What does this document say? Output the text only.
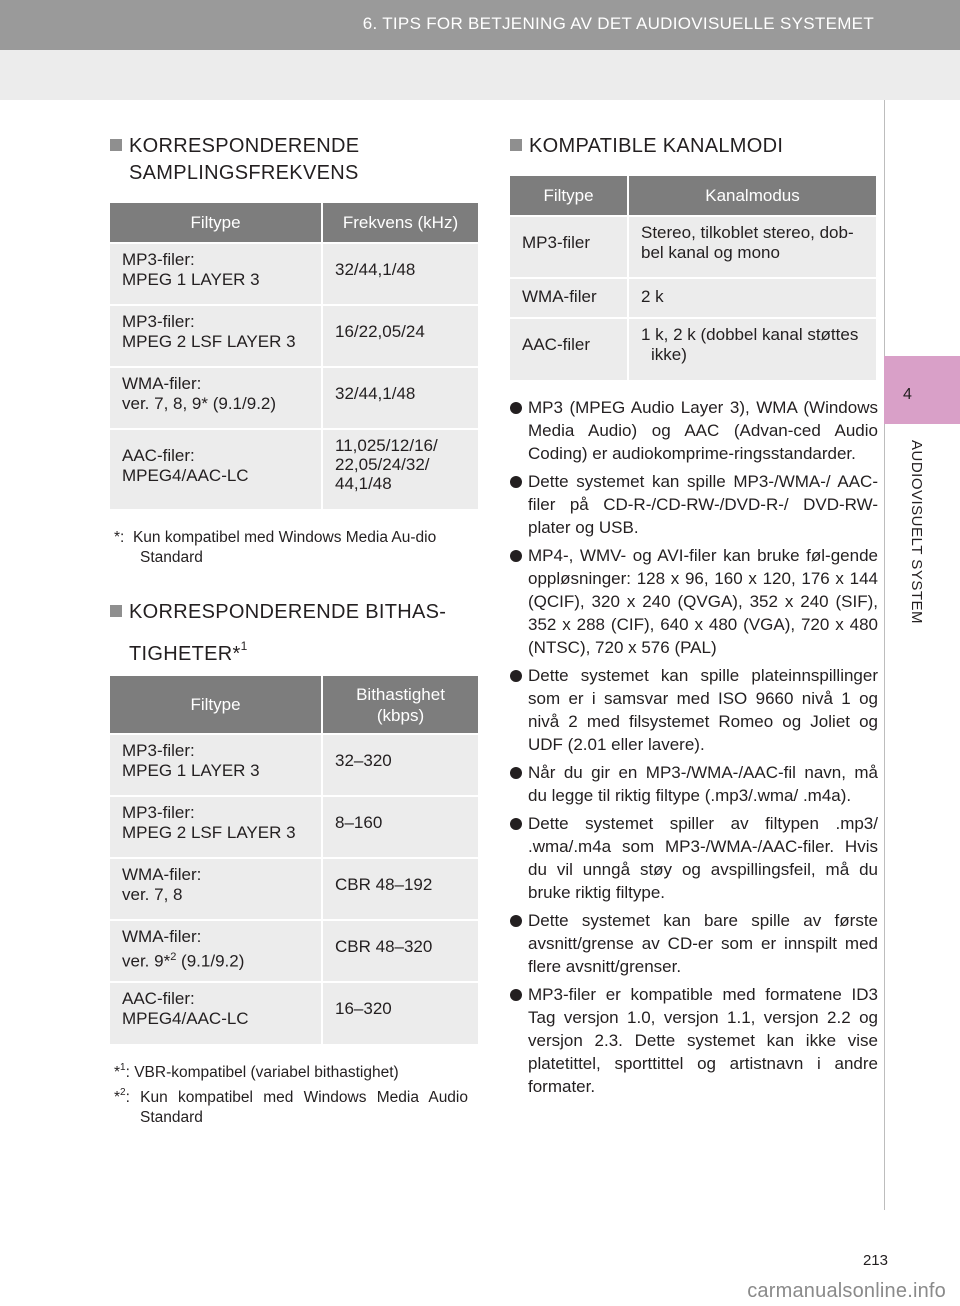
6. TIPS FOR BETJENING AV DET AUDIOVISUELLE SYSTEMET
4
AUDIOVISUELT SYSTEM
KORRESPONDERENDE
SAMPLINGSFREKVENS
Filtype	Frekvens (kHz)
MP3-filer:
MPEG 1 LAYER 3	32/44,1/48
MP3-filer:
MPEG 2 LSF LAYER 3	16/22,05/24
WMA-filer:
ver. 7, 8, 9* (9.1/9.2)	32/44,1/48
AAC-filer:
MPEG4/AAC-LC	11,025/12/16/
22,05/24/32/
44,1/48
*: Kun kompatibel med Windows Media Au-dio Standard
KORRESPONDERENDE BITHAS-
TIGHETER*$^1$
Filtype	Bithastighet
(kbps)
MP3-filer:
MPEG 1 LAYER 3	32–320
MP3-filer:
MPEG 2 LSF LAYER 3	8–160
WMA-filer:
ver. 7, 8	CBR 48–192
WMA-filer:
ver. 9*$^2$ (9.1/9.2)	CBR 48–320
AAC-filer:
MPEG4/AAC-LC	16–320
*$^1$: VBR-kompatibel (variabel bithastighet)
*$^2$: Kun kompatibel med Windows Media Audio Standard
KOMPATIBLE KANALMODI
Filtype	Kanalmodus
MP3-filer	Stereo, tilkoblet stereo, dob-
bel kanal og mono
WMA-filer	2 k
AAC-filer	1 k, 2 k (dobbel kanal støttes
ikke)
MP3 (MPEG Audio Layer 3), WMA (Windows Media Audio) og AAC (Advan-ced Audio Coding) er audiokomprime-ringsstandarder.
Dette systemet kan spille MP3-/WMA-/ AAC-filer på CD-R-/CD-RW-/DVD-R-/ DVD-RW-plater og USB.
MP4-, WMV- og AVI-filer kan bruke føl-gende oppløsninger: 128 x 96, 160 x 120, 176 x 144 (QCIF), 320 x 240 (QVGA), 352 x 240 (SIF), 352 x 288 (CIF), 640 x 480 (VGA), 720 x 480 (NTSC), 720 x 576 (PAL)
Dette systemet kan spille plateinnspillinger som er i samsvar med ISO 9660 nivå 1 og nivå 2 med filsystemet Romeo og Joliet og UDF (2.01 eller lavere).
Når du gir en MP3-/WMA-/AAC-fil navn, må du legge til riktig filtype (.mp3/.wma/ .m4a).
Dette systemet spiller av filtypen .mp3/ .wma/.m4a som MP3-/WMA-/AAC-filer. Hvis du vil unngå støy og avspillingsfeil, må du bruke riktig filtype.
Dette systemet kan bare spille av første avsnitt/grense av CD-er som er innspilt med flere avsnitt/grenser.
MP3-filer er kompatible med formatene ID3 Tag versjon 1.0, versjon 1.1, versjon 2.2 og versjon 2.3. Dette systemet kan ikke vise platetittel, sporttittel og artistnavn i andre formater.
213
carmanualsonline.info
